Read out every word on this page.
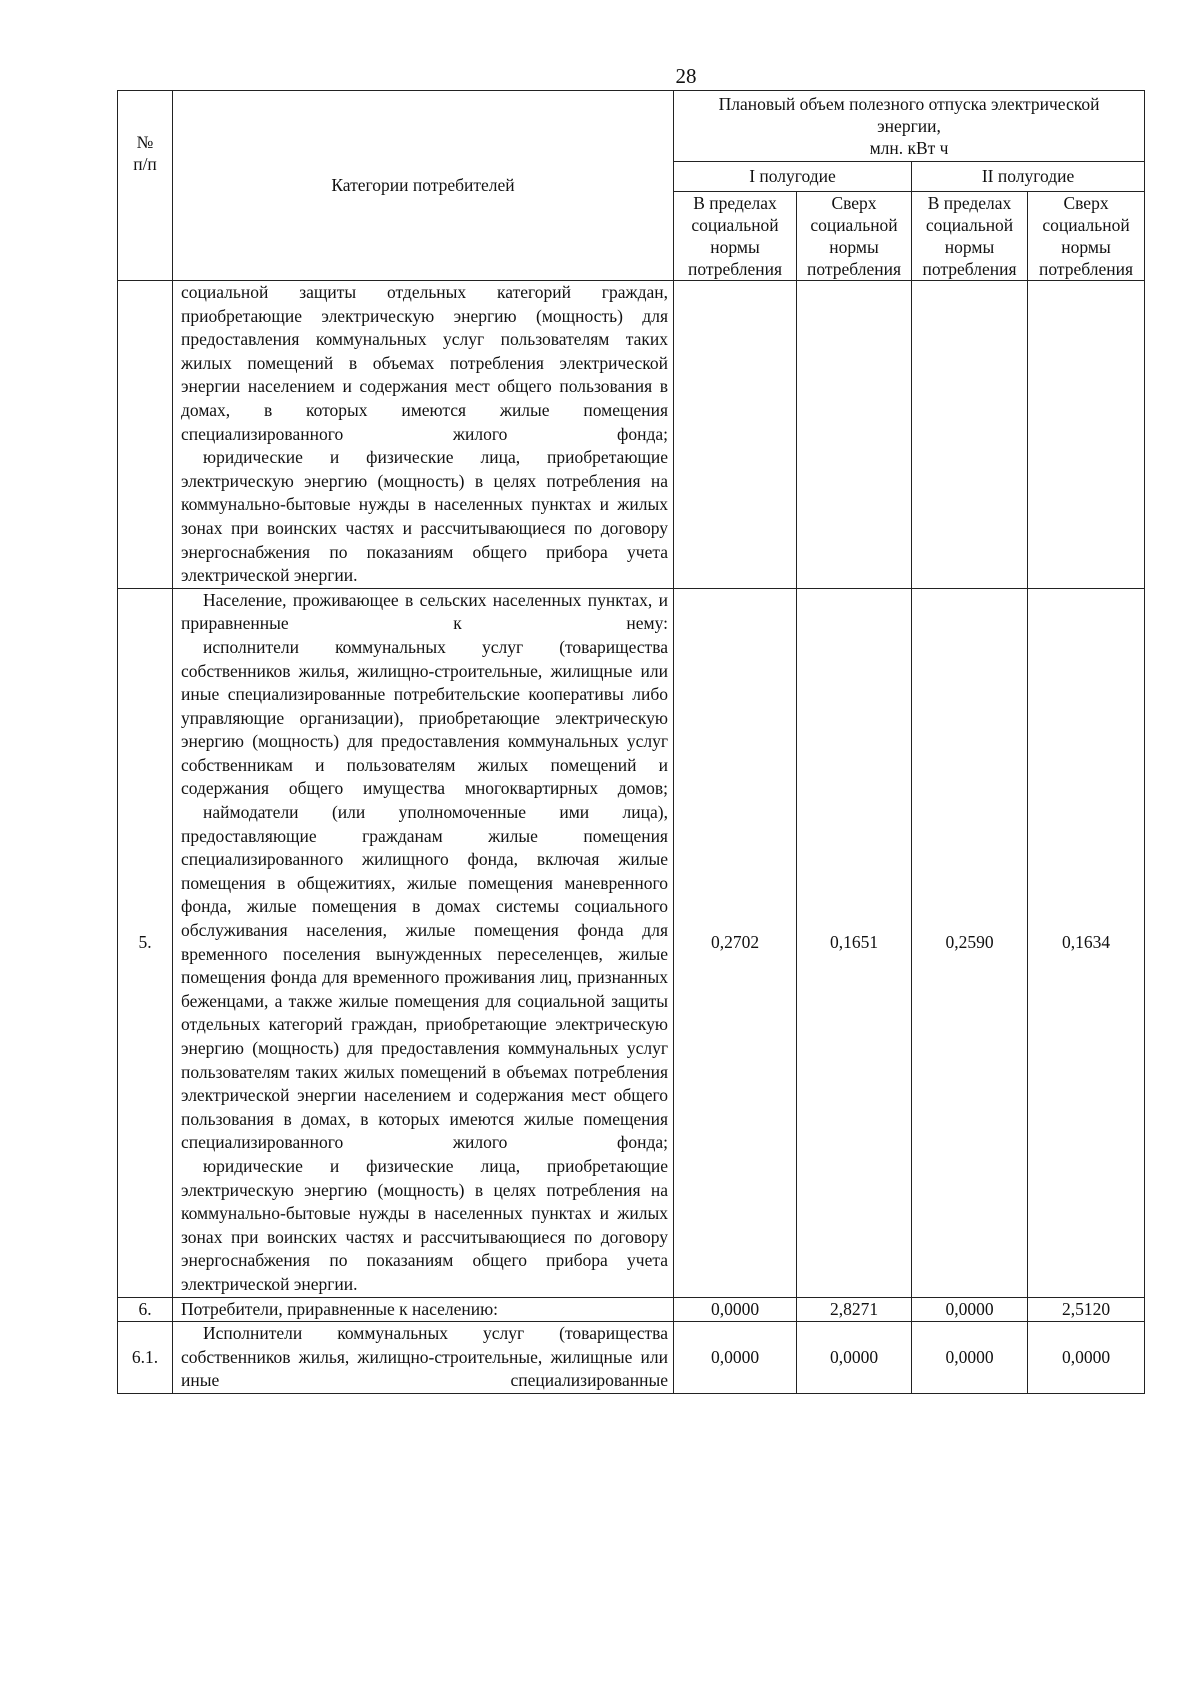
28
№
п/п	Категории потребителей	Плановый объем полезного отпуска электрической энергии,
млн. кВт ч			
		I полугодие		II полугодие	
		В пределах социальной нормы потребления	Сверх социальной нормы потребления	В пределах социальной нормы потребления	Сверх социальной нормы потребления

	социальной защиты отдельных категорий граждан, приобретающие электрическую энергию (мощность) для предоставления коммунальных услуг пользователям таких жилых помещений в объемах потребления электрической энергии населением и содержания мест общего пользования в домах, в которых имеются жилые помещения специализированного жилого фонда;

юридические и физические лица, приобретающие электрическую энергию (мощность) в целях потребления на коммунально-бытовые нужды в населенных пунктах и жилых зонах при воинских частях и рассчитывающиеся по договору энергоснабжения по показаниям общего прибора учета электрической энергии.				

5.	Население, проживающее в сельских населенных пунктах, и приравненные к нему:

исполнители коммунальных услуг (товарищества собственников жилья, жилищно-строительные, жилищные или иные специализированные потребительские кооперативы либо управляющие организации), приобретающие электрическую энергию (мощность) для предоставления коммунальных услуг собственникам и пользователям жилых помещений и содержания общего имущества многоквартирных домов;

наймодатели (или уполномоченные ими лица), предоставляющие гражданам жилые помещения специализированного жилищного фонда, включая жилые помещения в общежитиях, жилые помещения маневренного фонда, жилые помещения в домах системы социального обслуживания населения, жилые помещения фонда для временного поселения вынужденных переселенцев, жилые помещения фонда для временного проживания лиц, признанных беженцами, а также жилые помещения для социальной защиты отдельных категорий граждан, приобретающие электрическую энергию (мощность) для предоставления коммунальных услуг пользователям таких жилых помещений в объемах потребления электрической энергии населением и содержания мест общего пользования в домах, в которых имеются жилые помещения специализированного жилого фонда;

юридические и физические лица, приобретающие электрическую энергию (мощность) в целях потребления на коммунально-бытовые нужды в населенных пунктах и жилых зонах при воинских частях и рассчитывающиеся по договору энергоснабжения по показаниям общего прибора учета электрической энергии.	0,2702	0,1651	0,2590	0,1634
6.	Потребители, приравненные к населению:	0,0000	2,8271	0,0000	2,5120
6.1.	Исполнители коммунальных услуг (товарищества собственников жилья, жилищно-строительные, жилищные или иные специализированные	0,0000	0,0000	0,0000	0,0000
